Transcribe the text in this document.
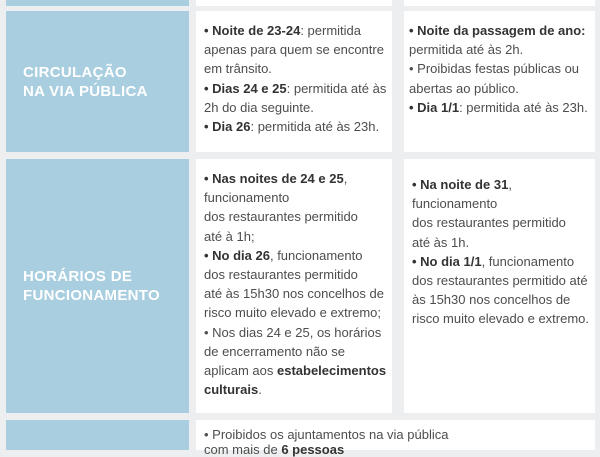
CIRCULAÇÃO
NA VIA PÚBLICA

• Noite de 23-24: permitida

apenas para quem se encontre

em trânsito.

• Dias 24 e 25: permitida até às

2h do dia seguinte.

• Dia 26: permitida até às 23h.

• Noite da passagem de ano:

permitida até às 2h.

• Proibidas festas públicas ou

abertas ao público.

• Dia 1/1: permitida até às 23h.

HORÁRIOS DE
FUNCIONAMENTO

• Nas noites de 24 e 25,

funcionamento

dos restaurantes permitido

até à 1h;

• No dia 26, funcionamento

dos restaurantes permitido

até às 15h30 nos concelhos de

risco muito elevado e extremo;

• Nos dias 24 e 25, os horários

de encerramento não se

aplicam aos estabelecimentos

culturais.

• Na noite de 31,

funcionamento

dos restaurantes permitido

até às 1h.

• No dia 1/1, funcionamento

dos restaurantes permitido até

às 15h30 nos concelhos de

risco muito elevado e extremo.

• Proibidos os ajuntamentos na via pública

com mais de 6 pessoas
